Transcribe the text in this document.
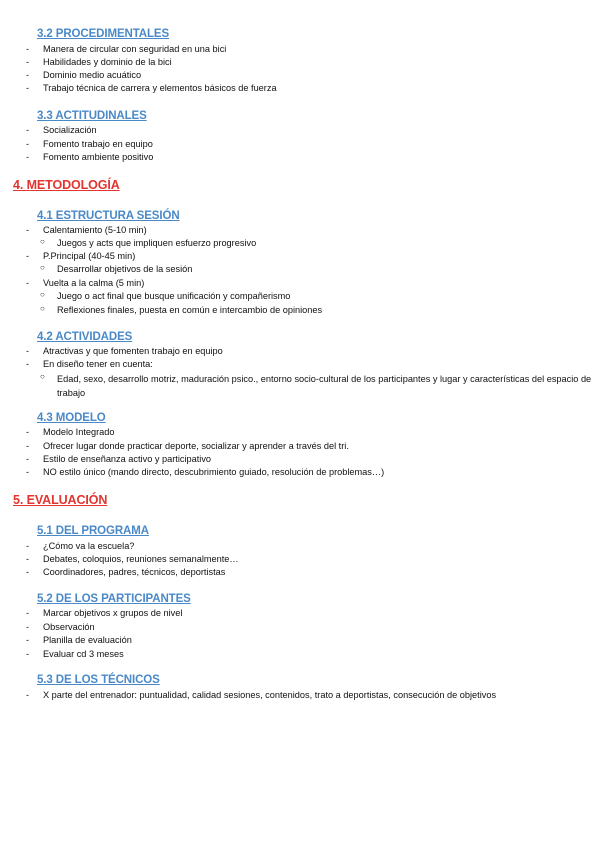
3.2 PROCEDIMENTALES
- Manera de circular con seguridad en una bici
- Habilidades y dominio de la bici
- Dominio medio acuático
- Trabajo técnica de carrera y elementos básicos de fuerza
3.3 ACTITUDINALES
- Socialización
- Fomento trabajo en equipo
- Fomento ambiente positivo
4. METODOLOGÍA
4.1 ESTRUCTURA SESIÓN
- Calentamiento (5-10 min)
○ Juegos y acts que impliquen esfuerzo progresivo
- P.Principal (40-45 min)
○ Desarrollar objetivos de la sesión
- Vuelta a la calma (5 min)
○ Juego o act final que busque unificación y compañerismo
○ Reflexiones finales, puesta en común e intercambio de opiniones
4.2 ACTIVIDADES
- Atractivas y que fomenten trabajo en equipo
- En diseño tener en cuenta:
○ Edad, sexo, desarrollo motriz, maduración psico., entorno socio-cultural de los participantes y lugar y características del espacio de trabajo
4.3 MODELO
- Modelo Integrado
- Ofrecer lugar donde practicar deporte, socializar y aprender a través del tri.
- Estilo de enseñanza activo y participativo
- NO estilo único (mando directo, descubrimiento guiado, resolución de problemas…)
5. EVALUACIÓN
5.1 DEL PROGRAMA
- ¿Cómo va la escuela?
- Debates, coloquios, reuniones semanalmente…
- Coordinadores, padres, técnicos, deportistas
5.2 DE LOS PARTICIPANTES
- Marcar objetivos x grupos de nivel
- Observación
- Planilla de evaluación
- Evaluar cd 3 meses
5.3 DE LOS TÉCNICOS
- X parte del entrenador: puntualidad, calidad sesiones, contenidos, trato a deportistas, consecución de objetivos
